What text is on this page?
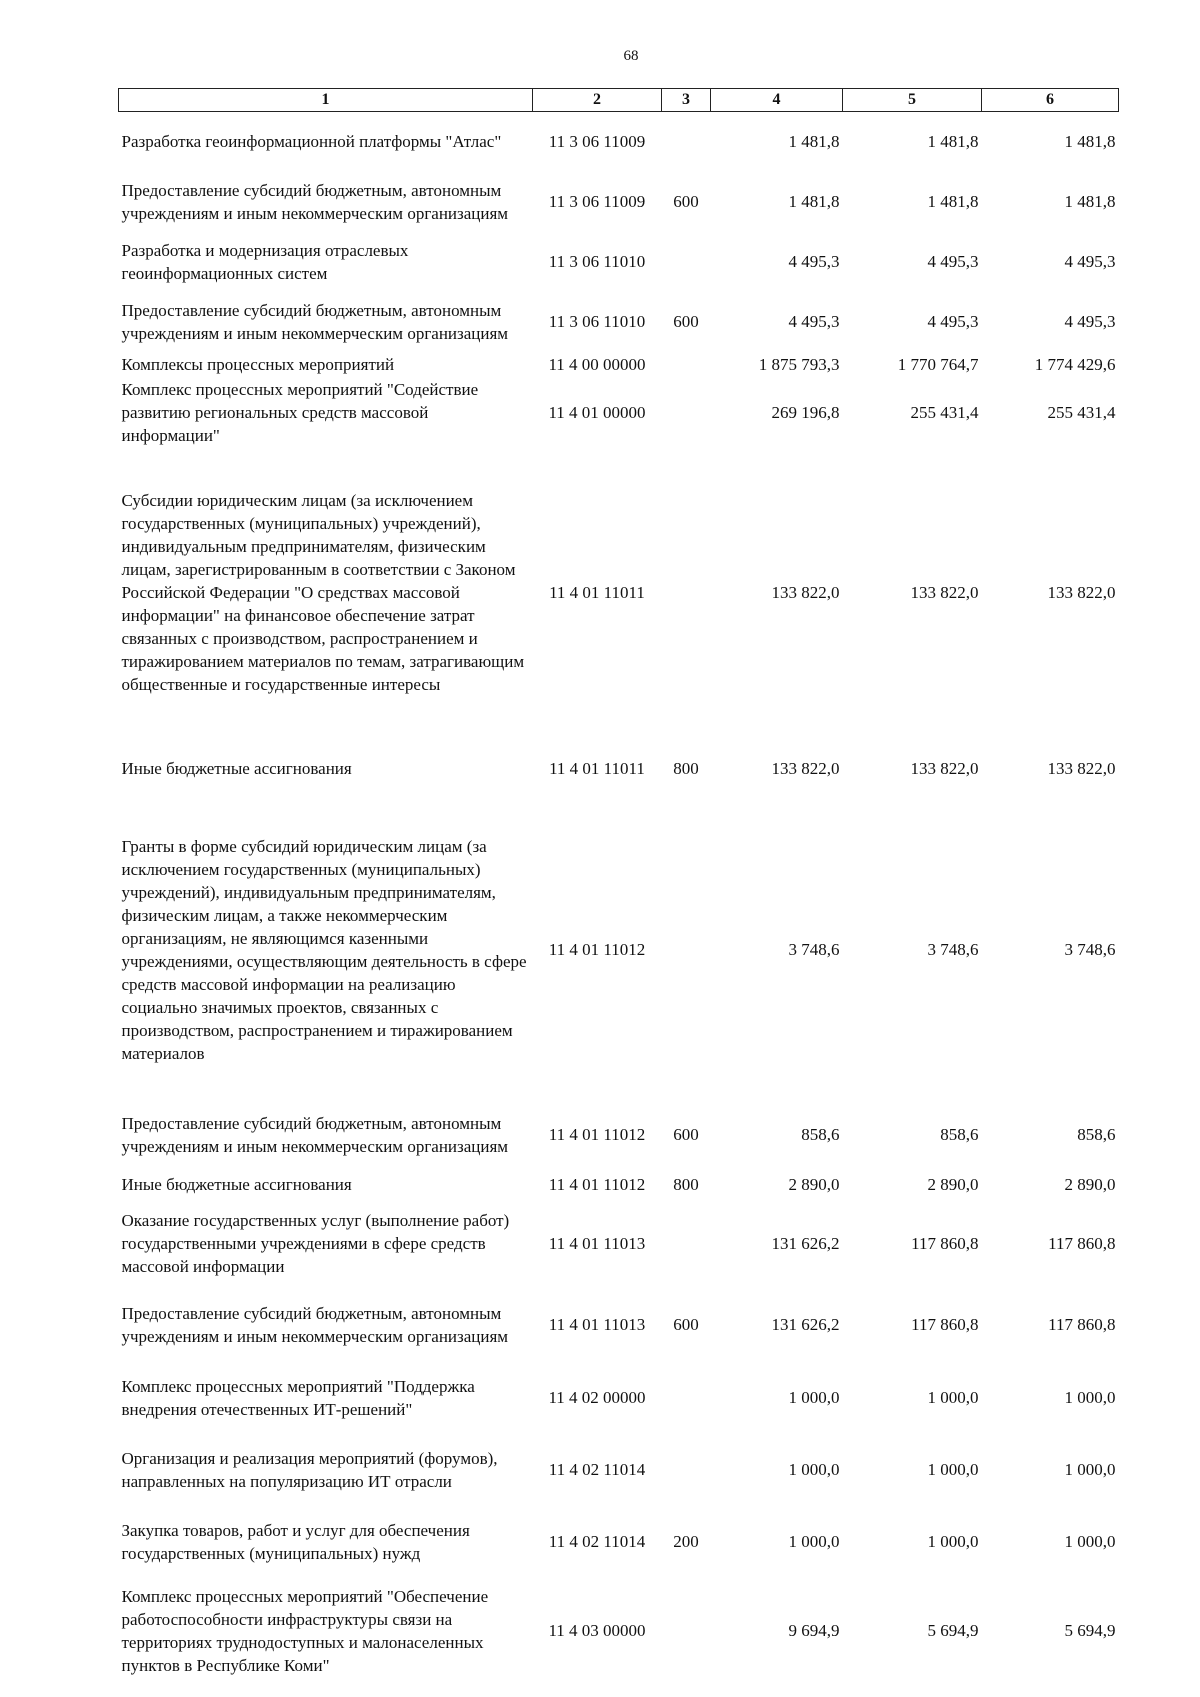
68
1	2	3	4	5	6
Разработка геоинформационной платформы "Атлас"	11 3 06 11009		1 481,8	1 481,8	1 481,8
Предоставление субсидий бюджетным, автономным учреждениям и иным некоммерческим организациям	11 3 06 11009	600	1 481,8	1 481,8	1 481,8
Разработка и модернизация отраслевых геоинформационных систем	11 3 06 11010		4 495,3	4 495,3	4 495,3
Предоставление субсидий бюджетным, автономным учреждениям и иным некоммерческим организациям	11 3 06 11010	600	4 495,3	4 495,3	4 495,3
Комплексы процессных мероприятий	11 4 00 00000		1 875 793,3	1 770 764,7	1 774 429,6
Комплекс процессных мероприятий "Содействие развитию региональных средств массовой информации"	11 4 01 00000		269 196,8	255 431,4	255 431,4
Субсидии юридическим лицам (за исключением государственных (муниципальных) учреждений), индивидуальным предпринимателям, физическим лицам, зарегистрированным в соответствии с Законом Российской Федерации "О средствах массовой информации" на финансовое обеспечение затрат связанных с производством, распространением и тиражированием материалов по темам, затрагивающим общественные и государственные интересы	11 4 01 11011		133 822,0	133 822,0	133 822,0
Иные бюджетные ассигнования	11 4 01 11011	800	133 822,0	133 822,0	133 822,0
Гранты в форме субсидий юридическим лицам (за исключением государственных (муниципальных) учреждений), индивидуальным предпринимателям, физическим лицам, а также некоммерческим организациям, не являющимся казенными учреждениями, осуществляющим деятельность в сфере средств массовой информации на реализацию социально значимых проектов, связанных с производством, распространением и тиражированием материалов	11 4 01 11012		3 748,6	3 748,6	3 748,6
Предоставление субсидий бюджетным, автономным учреждениям и иным некоммерческим организациям	11 4 01 11012	600	858,6	858,6	858,6
Иные бюджетные ассигнования	11 4 01 11012	800	2 890,0	2 890,0	2 890,0
Оказание государственных услуг (выполнение работ) государственными учреждениями в сфере средств массовой информации	11 4 01 11013		131 626,2	117 860,8	117 860,8
Предоставление субсидий бюджетным, автономным учреждениям и иным некоммерческим организациям	11 4 01 11013	600	131 626,2	117 860,8	117 860,8
Комплекс процессных мероприятий "Поддержка внедрения отечественных ИТ-решений"	11 4 02 00000		1 000,0	1 000,0	1 000,0
Организация и реализация мероприятий (форумов), направленных на популяризацию ИТ отрасли	11 4 02 11014		1 000,0	1 000,0	1 000,0
Закупка товаров, работ и услуг для обеспечения государственных (муниципальных) нужд	11 4 02 11014	200	1 000,0	1 000,0	1 000,0
Комплекс процессных мероприятий "Обеспечение работоспособности инфраструктуры связи на территориях труднодоступных и малонаселенных пунктов в Республике Коми"	11 4 03 00000		9 694,9	5 694,9	5 694,9
